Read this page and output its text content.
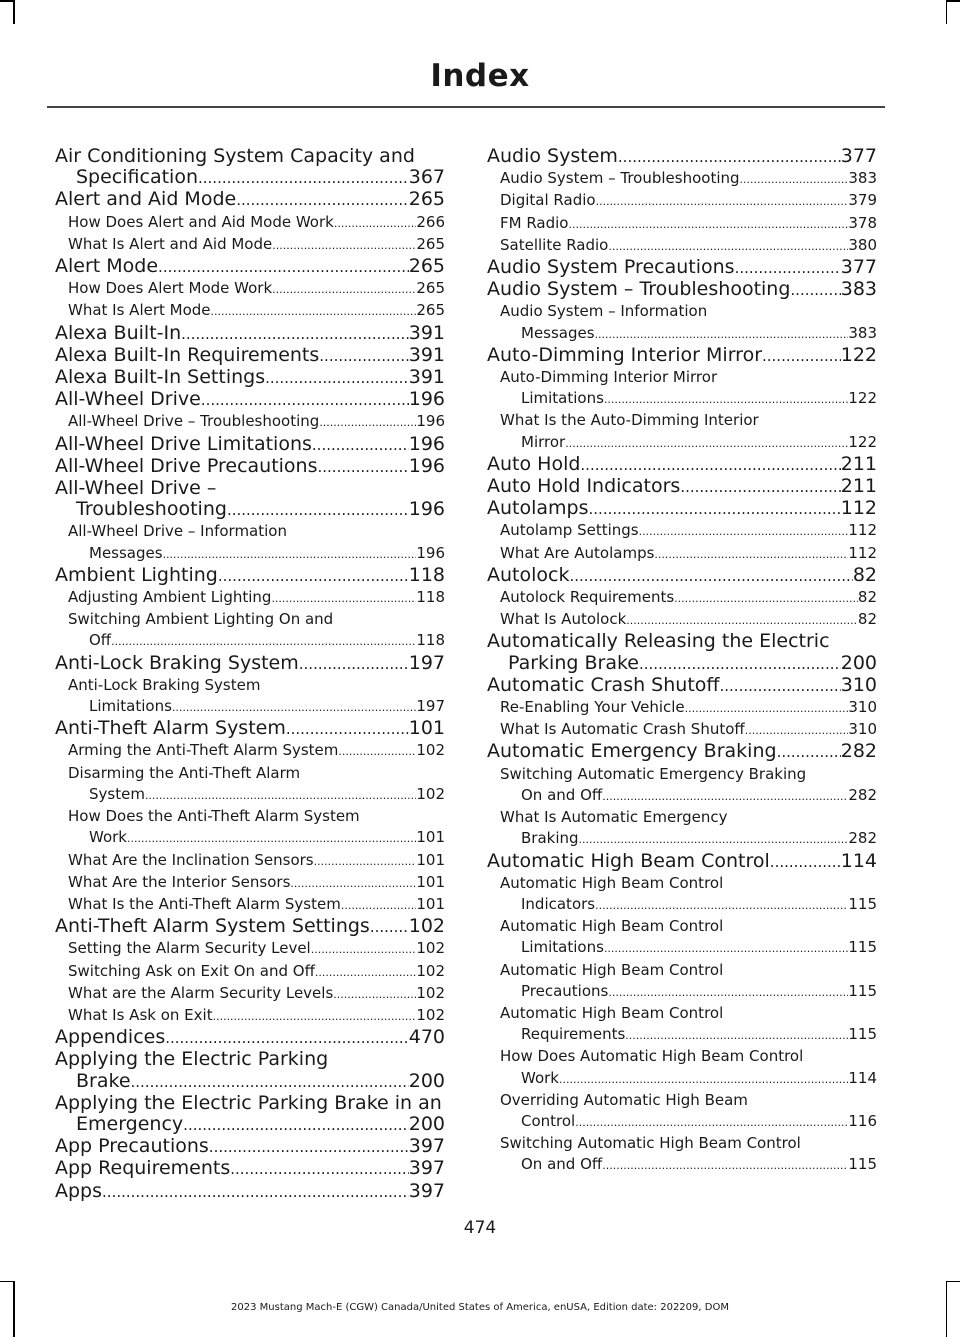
Index
Air Conditioning System Capacity and
Specification .....	367
Alert and Aid Mode .....	265
How Does Alert and Aid Mode Work .....	266
What Is Alert and Aid Mode .....	265
Alert Mode .....	265
How Does Alert Mode Work .....	265
What Is Alert Mode .....	265
Alexa Built-In .....	391
Alexa Built-In Requirements .....	391
Alexa Built-In Settings .....	391
All-Wheel Drive .....	196
All-Wheel Drive – Troubleshooting .....	196
All-Wheel Drive Limitations .....	196
All-Wheel Drive Precautions .....	196
All-Wheel Drive –
Troubleshooting .....	196
All-Wheel Drive – Information
Messages .....	196
Ambient Lighting .....	118
Adjusting Ambient Lighting .....	118
Switching Ambient Lighting On and
Off .....	118
Anti-Lock Braking System .....	197
Anti-Lock Braking System
Limitations .....	197
Anti-Theft Alarm System .....	101
Arming the Anti-Theft Alarm System .....	102
Disarming the Anti-Theft Alarm
System .....	102
How Does the Anti-Theft Alarm System
Work .....	101
What Are the Inclination Sensors .....	101
What Are the Interior Sensors .....	101
What Is the Anti-Theft Alarm System .....	101
Anti-Theft Alarm System Settings ..... 102
Setting the Alarm Security Level .....	102
Switching Ask on Exit On and Off .....	102
What are the Alarm Security Levels .....	102
What Is Ask on Exit .....	102
Appendices .....	470
Applying the Electric Parking
Brake .....	200
Applying the Electric Parking Brake in an
Emergency .....	200
App Precautions .....	397
App Requirements .....	397
Apps .....	397
Audio System .....	377
Audio System – Troubleshooting .....	383
Digital Radio .....	379
FM Radio .....	378
Satellite Radio .....	380
Audio System Precautions .....	377
Audio System – Troubleshooting .....	383
Audio System – Information
Messages .....	383
Auto-Dimming Interior Mirror .....	122
Auto-Dimming Interior Mirror
Limitations .....	122
What Is the Auto-Dimming Interior
Mirror .....	122
Auto Hold .....	211
Auto Hold Indicators .....	211
Autolamps .....	112
Autolamp Settings .....	112
What Are Autolamps .....	112
Autolock .....	82
Autolock Requirements .....	82
What Is Autolock .....	82
Automatically Releasing the Electric
Parking Brake .....	200
Automatic Crash Shutoff .....	310
Re-Enabling Your Vehicle .....	310
What Is Automatic Crash Shutoff .....	310
Automatic Emergency Braking .....	282
Switching Automatic Emergency Braking
On and Off .....	282
What Is Automatic Emergency
Braking .....	282
Automatic High Beam Control .....	114
Automatic High Beam Control
Indicators .....	115
Automatic High Beam Control
Limitations .....	115
Automatic High Beam Control
Precautions .....	115
Automatic High Beam Control
Requirements .....	115
How Does Automatic High Beam Control
Work .....	114
Overriding Automatic High Beam
Control .....	116
Switching Automatic High Beam Control
On and Off .....	115
474
2023 Mustang Mach-E (CGW) Canada/United States of America, enUSA, Edition date: 202209, DOM
